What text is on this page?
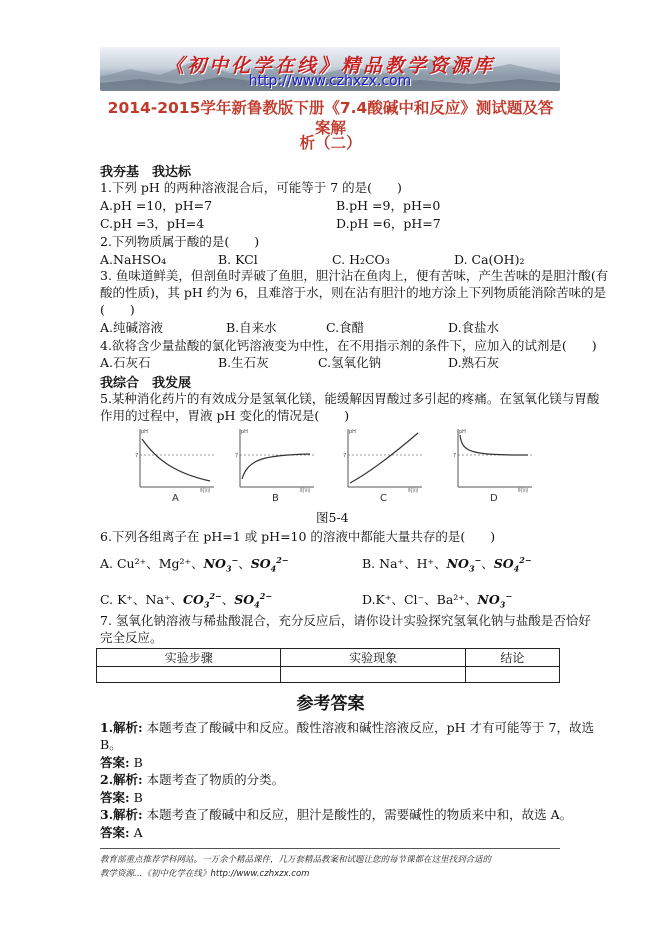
《初中化学在线》精品教学资源库
http://www.czhxzx.com
2014-2015学年新鲁教版下册《7.4酸碱中和反应》测试题及答案解
析（二）
我夯基　我达标
1.下列 pH 的两种溶液混合后，可能等于 7 的是(　　)
A.pH =10，pH=7	B.pH =9，pH=0
C.pH =3，pH=4	D.pH =6，pH=7
2.下列物质属于酸的是(　　)
A.NaHSO₄	B. KCl	C. H₂CO₃	D. Ca(OH)₂
3. 鱼味道鲜美，但剖鱼时弄破了鱼胆，胆汁沾在鱼肉上，便有苦味，产生苦味的是胆汁酸(有
酸的性质)，其 pH 约为 6，且难溶于水，则在沾有胆汁的地方涂上下列物质能消除苦味的是
(　　)
A.纯碱溶液	B.自来水	C.食醋	D.食盐水
4.欲将含少量盐酸的氯化钙溶液变为中性，在不用指示剂的条件下，应加入的试剂是(　　)
A.石灰石	B.生石灰	C.氢氧化钠	D.熟石灰
我综合　我发展
5.某种消化药片的有效成分是氢氧化镁，能缓解因胃酸过多引起的疼痛。在氢氧化镁与胃酸
作用的过程中，胃液 pH 变化的情况是(　　)
pH
7
时间
A
pH
7
时间
B
pH
7
时间
C
pH
7
时间
D
图5-4
6.下列各组离子在 pH=1 或 pH=10 的溶液中都能大量共存的是(　　)
A. Cu²⁺、Mg²⁺、$NO_3^-$、$SO_4^{2-}$	B. Na⁺、H⁺、$NO_3^-$、$SO_4^{2-}$
C. K⁺、Na⁺、$CO_3^{2-}$、$SO_4^{2-}$	D.K⁺、Cl⁻、Ba²⁺、$NO_3^-$
7. 氢氧化钠溶液与稀盐酸混合，充分反应后，请你设计实验探究氢氧化钠与盐酸是否恰好
完全反应。
实验步骤	实验现象	结论

参考答案
1.解析: 本题考查了酸碱中和反应。酸性溶液和碱性溶液反应，pH 才有可能等于 7，故选
B。
答案: B
2.解析: 本题考查了物质的分类。
答案: B
3.解析: 本题考查了酸碱中和反应，胆汁是酸性的，需要碱性的物质来中和，故选 A。
答案: A
教育部重点推荐学科网站。一万余个精品课件，几万套精品教案和试题让您的每节课都在这里找到合适的
教学资源…《初中化学在线》http://www.czhxzx.com
